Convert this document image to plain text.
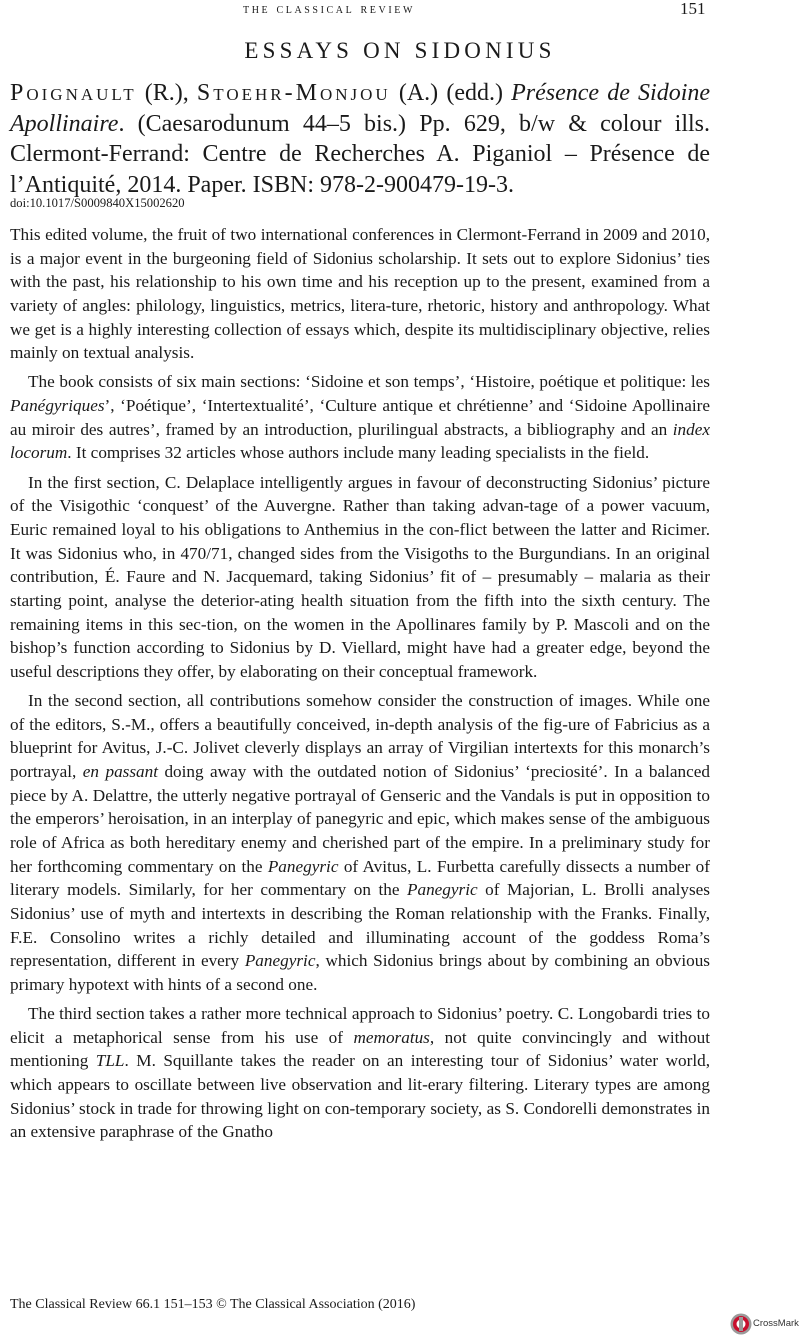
the classical review	151
ESSAYS ON SIDONIUS

Poignault (R.), Stoehr-Monjou (A.) (edd.) Présence de Sidoine Apollinaire. (Caesarodunum 44–5 bis.) Pp. 629, b/w & colour ills. Clermont-Ferrand: Centre de Recherches A. Piganiol – Présence de l’Antiquité, 2014. Paper. ISBN: 978-2-900479-19-3.

doi:10.1017/S0009840X15002620

This edited volume, the fruit of two international conferences in Clermont-Ferrand in 2009 and 2010, is a major event in the burgeoning field of Sidonius scholarship. It sets out to explore Sidonius’ ties with the past, his relationship to his own time and his reception up to the present, examined from a variety of angles: philology, linguistics, metrics, litera-ture, rhetoric, history and anthropology. What we get is a highly interesting collection of essays which, despite its multidisciplinary objective, relies mainly on textual analysis.

The book consists of six main sections: ‘Sidoine et son temps’, ‘Histoire, poétique et politique: les Panégyriques’, ‘Poétique’, ‘Intertextualité’, ‘Culture antique et chrétienne’ and ‘Sidoine Apollinaire au miroir des autres’, framed by an introduction, plurilingual abstracts, a bibliography and an index locorum. It comprises 32 articles whose authors include many leading specialists in the field.

In the first section, C. Delaplace intelligently argues in favour of deconstructing Sidonius’ picture of the Visigothic ‘conquest’ of the Auvergne. Rather than taking advan-tage of a power vacuum, Euric remained loyal to his obligations to Anthemius in the con-flict between the latter and Ricimer. It was Sidonius who, in 470/71, changed sides from the Visigoths to the Burgundians. In an original contribution, É. Faure and N. Jacquemard, taking Sidonius’ fit of – presumably – malaria as their starting point, analyse the deterior-ating health situation from the fifth into the sixth century. The remaining items in this sec-tion, on the women in the Apollinares family by P. Mascoli and on the bishop’s function according to Sidonius by D. Viellard, might have had a greater edge, beyond the useful descriptions they offer, by elaborating on their conceptual framework.

In the second section, all contributions somehow consider the construction of images. While one of the editors, S.-M., offers a beautifully conceived, in-depth analysis of the fig-ure of Fabricius as a blueprint for Avitus, J.-C. Jolivet cleverly displays an array of Virgilian intertexts for this monarch’s portrayal, en passant doing away with the outdated notion of Sidonius’ ‘preciosité’. In a balanced piece by A. Delattre, the utterly negative portrayal of Genseric and the Vandals is put in opposition to the emperors’ heroisation, in an interplay of panegyric and epic, which makes sense of the ambiguous role of Africa as both hereditary enemy and cherished part of the empire. In a preliminary study for her forthcoming commentary on the Panegyric of Avitus, L. Furbetta carefully dissects a number of literary models. Similarly, for her commentary on the Panegyric of Majorian, L. Brolli analyses Sidonius’ use of myth and intertexts in describing the Roman relationship with the Franks. Finally, F.E. Consolino writes a richly detailed and illuminating account of the goddess Roma’s representation, different in every Panegyric, which Sidonius brings about by combining an obvious primary hypotext with hints of a second one.

The third section takes a rather more technical approach to Sidonius’ poetry. C. Longobardi tries to elicit a metaphorical sense from his use of memoratus, not quite convincingly and without mentioning TLL. M. Squillante takes the reader on an interesting tour of Sidonius’ water world, which appears to oscillate between live observation and lit-erary filtering. Literary types are among Sidonius’ stock in trade for throwing light on con-temporary society, as S. Condorelli demonstrates in an extensive paraphrase of the Gnatho

The Classical Review 66.1 151–153 © The Classical Association (2016)
CrossMark
